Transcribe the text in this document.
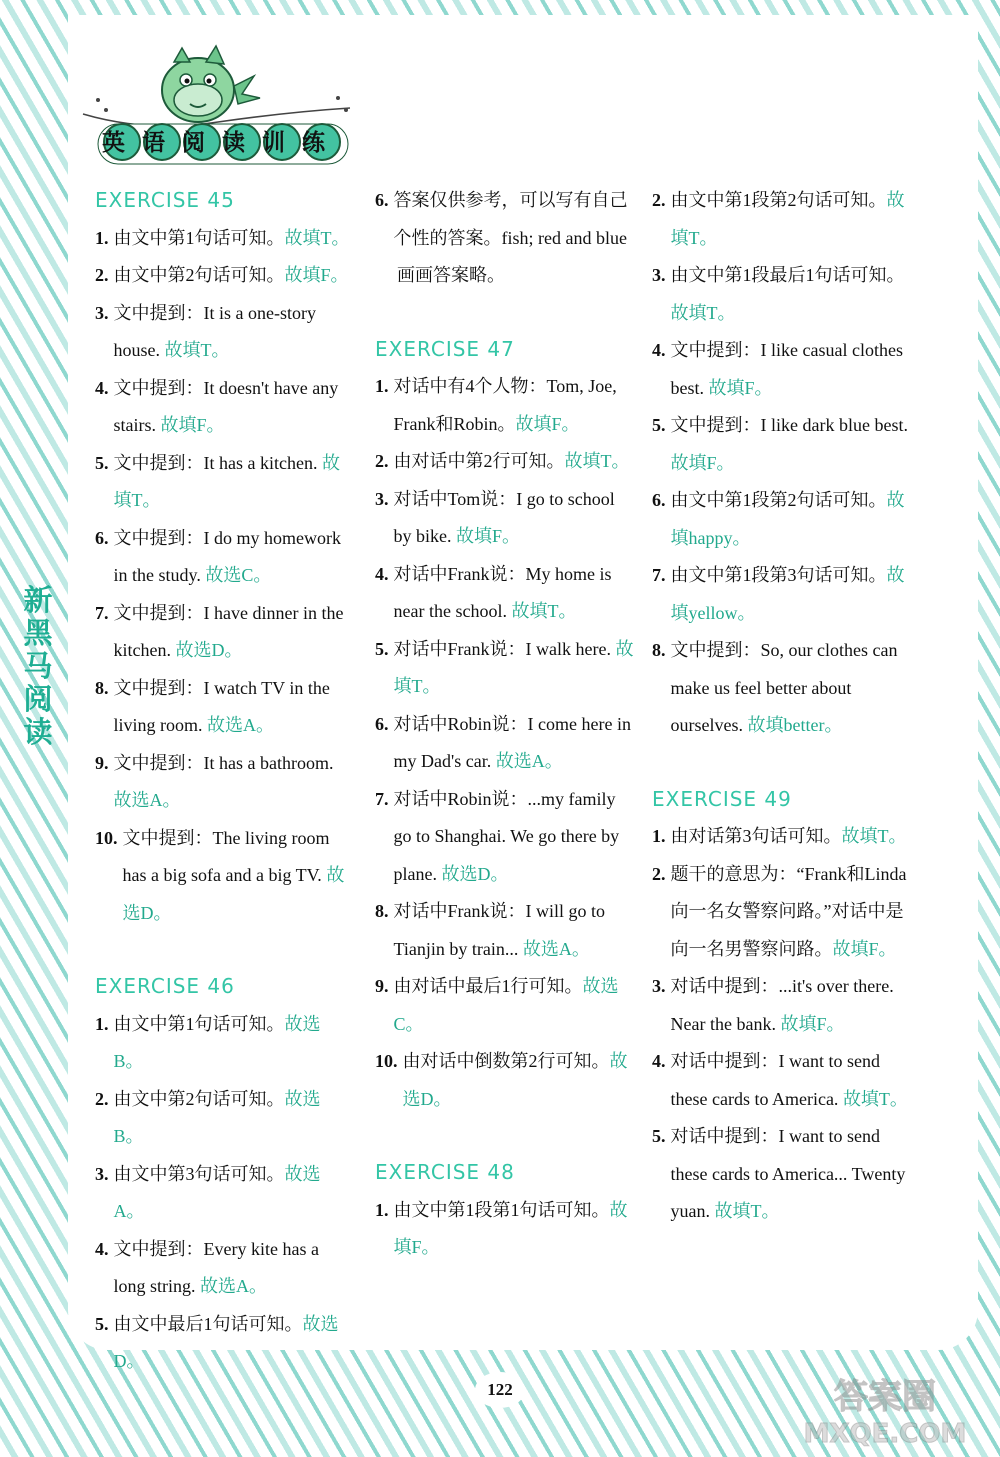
英语阅读训练
新
黑
马
阅
读
EXERCISE 45
1. 由文中第1句话可知。故填T。
2. 由文中第2句话可知。故填F。
3. 文中提到：It is a one-story house. 故填T。
4. 文中提到：It doesn't have any stairs. 故填F。
5. 文中提到：It has a kitchen. 故填T。
6. 文中提到：I do my homework in the study. 故选C。
7. 文中提到：I have dinner in the kitchen. 故选D。
8. 文中提到：I watch TV in the living room. 故选A。
9. 文中提到：It has a bathroom. 故选A。
10. 文中提到：The living room has a big sofa and a big TV. 故选D。
EXERCISE 46
1. 由文中第1句话可知。故选B。
2. 由文中第2句话可知。故选B。
3. 由文中第3句话可知。故选A。
4. 文中提到：Every kite has a long string. 故选A。
5. 由文中最后1句话可知。故选D。
6. 答案仅供参考，可以写有自己个性的答案。fish; red and blue
画画答案略。
EXERCISE 47
1. 对话中有4个人物：Tom, Joe, Frank和Robin。故填F。
2. 由对话中第2行可知。故填T。
3. 对话中Tom说：I go to school by bike. 故填F。
4. 对话中Frank说：My home is near the school. 故填T。
5. 对话中Frank说：I walk here. 故填T。
6. 对话中Robin说：I come here in my Dad's car. 故选A。
7. 对话中Robin说：...my family go to Shanghai. We go there by plane. 故选D。
8. 对话中Frank说：I will go to Tianjin by train... 故选A。
9. 由对话中最后1行可知。故选C。
10. 由对话中倒数第2行可知。故选D。
EXERCISE 48
1. 由文中第1段第1句话可知。故填F。
2. 由文中第1段第2句话可知。故填T。
3. 由文中第1段最后1句话可知。故填T。
4. 文中提到：I like casual clothes best. 故填F。
5. 文中提到：I like dark blue best. 故填F。
6. 由文中第1段第2句话可知。故填happy。
7. 由文中第1段第3句话可知。故填yellow。
8. 文中提到：So, our clothes can make us feel better about ourselves. 故填better。
EXERCISE 49
1. 由对话第3句话可知。故填T。
2. 题干的意思为：“Frank和Linda向一名女警察问路。”对话中是向一名男警察问路。故填F。
3. 对话中提到：...it's over there. Near the bank. 故填F。
4. 对话中提到：I want to send these cards to America. 故填T。
5. 对话中提到：I want to send these cards to America... Twenty yuan. 故填T。
122	答案圈
MXQE.COM
